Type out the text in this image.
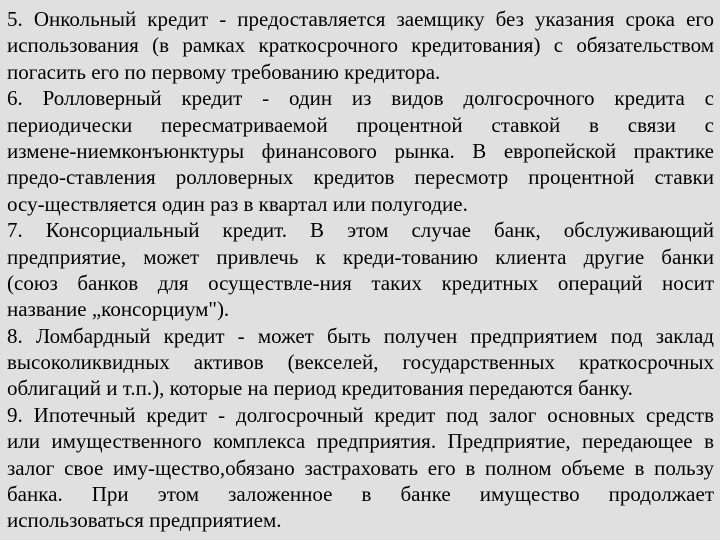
5. Онкольный кредит - предоставляется заемщику без указания срока его
использования (в рамках краткосрочного кредитования) с обязательством
погасить его по первому требованию кредитора.
6. Ролловерный кредит - один из видов долгосрочного кредита с
периодически пересматриваемой процентной ставкой в связи с
измене-ниемконъюнктуры финансового рынка. В европейской практике
предо-ставления ролловерных кредитов пересмотр процентной ставки
осу-ществляется один раз в квартал или полугодие.
7. Консорциальный кредит. В этом случае банк, обслуживающий
предприятие, может привлечь к креди-тованию клиента другие банки
(союз банков для осуществле-ния таких кредитных операций носит
название „консорциум").
8. Ломбардный кредит - может быть получен предприятием под заклад
высоколиквидных активов (векселей, государственных краткосрочных
облигаций и т.п.), которые на период кредитования передаются банку.
9. Ипотечный кредит - долгосрочный кредит под залог основных средств
или имущественного комплекса предприятия. Предприятие, передающее в
залог свое иму-щество,обязано застраховать его в полном объеме в пользу
банка. При этом заложенное в банке имущество продолжает
использоваться предприятием.
